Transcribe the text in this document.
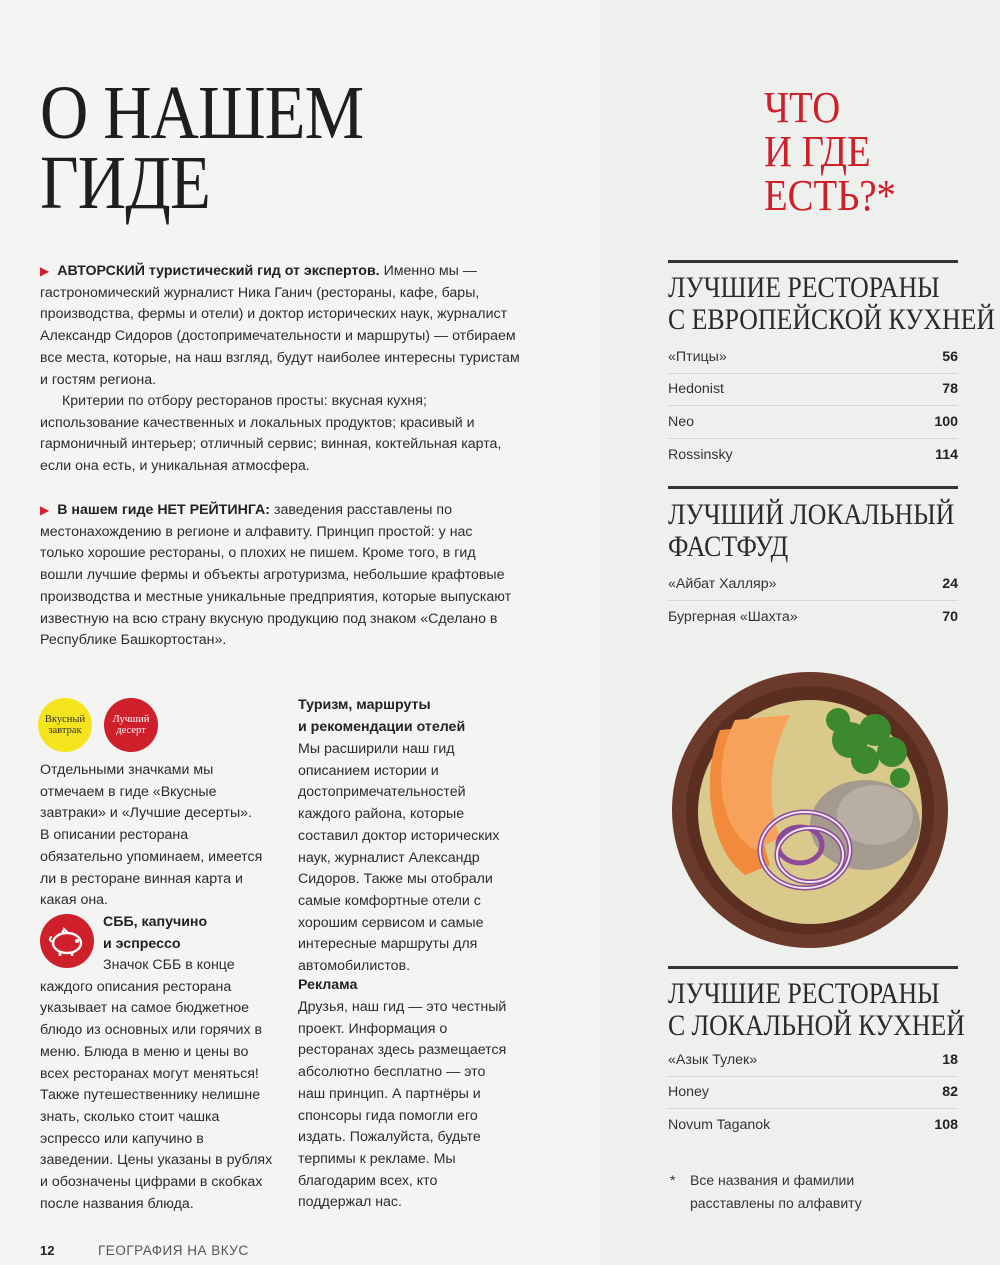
О НАШЕМ
ГИДЕ

▶ АВТОРСКИЙ туристический гид от экспертов. Именно мы — гастрономический журналист Ника Ганич (рестораны, кафе, бары, производства, фермы и отели) и доктор исторических наук, журналист Александр Сидоров (достопримечательности и маршруты) — отбираем все места, которые, на наш взгляд, будут наиболее интересны туристам и гостям региона.

Критерии по отбору ресторанов просты: вкусная кухня; использование качественных и локальных продуктов; красивый и гармоничный интерьер; отличный сервис; винная, коктейльная карта, если она есть, и уникальная атмосфера.

▶ В нашем гиде НЕТ РЕЙТИНГА: заведения расставлены по местонахождению в регионе и алфавиту. Принцип простой: у нас только хорошие рестораны, о плохих не пишем. Кроме того, в гид вошли лучшие фермы и объекты агротуризма, небольшие крафтовые производства и местные уникальные предприятия, которые выпускают известную на всю страну вкусную продукцию под знаком «Сделано в Республике Башкортостан».

Вкусный завтрак
Лучший десерт

Отдельными значками мы отмечаем в гиде «Вкусные завтраки» и «Лучшие десерты». В описании ресторана обязательно упоминаем, имеется ли в ресторане винная карта и какая она.

СББ, капучино
и эспрессо
Значок СББ в конце каждого описания ресторана указывает на самое бюджетное блюдо из основных или горячих в меню. Блюда в меню и цены во всех ресторанах могут меняться! Также путешественнику нелишне знать, сколько стоит чашка эспрессо или капучино в заведении. Цены указаны в рублях и обозначены цифрами в скобках после названия блюда.
Туризм, маршруты
и рекомендации отелей

Мы расширили наш гид описанием истории и достопримечательностей каждого района, которые составил доктор исторических наук, журналист Александр Сидоров. Также мы отобрали самые комфортные отели с хорошим сервисом и самые интересные маршруты для автомобилистов.

Реклама

Друзья, наш гид — это честный проект. Информация о ресторанах здесь размещается абсолютно бесплатно — это наш принцип. А партнёры и спонсоры гида помогли его издать. Пожалуйста, будьте терпимы к рекламе. Мы благодарим всех, кто поддержал нас.

12	ГЕОГРАФИЯ НА ВКУС
ЧТО
И ГДЕ
ЕСТЬ?*
ЛУЧШИЕ РЕСТОРАНЫ
С ЕВРОПЕЙСКОЙ КУХНЕЙ
«Птицы»	56
Hedonist	78
Neo	100
Rossinsky	114
ЛУЧШИЙ ЛОКАЛЬНЫЙ
ФАСТФУД
«Айбат Халляр»	24
Бургерная «Шахта»	70
ЛУЧШИЕ РЕСТОРАНЫ
С ЛОКАЛЬНОЙ КУХНЕЙ
«Азык Тулек»	18
Honey	82
Novum Taganok	108
* Все названия и фамилии расставлены по алфавиту
